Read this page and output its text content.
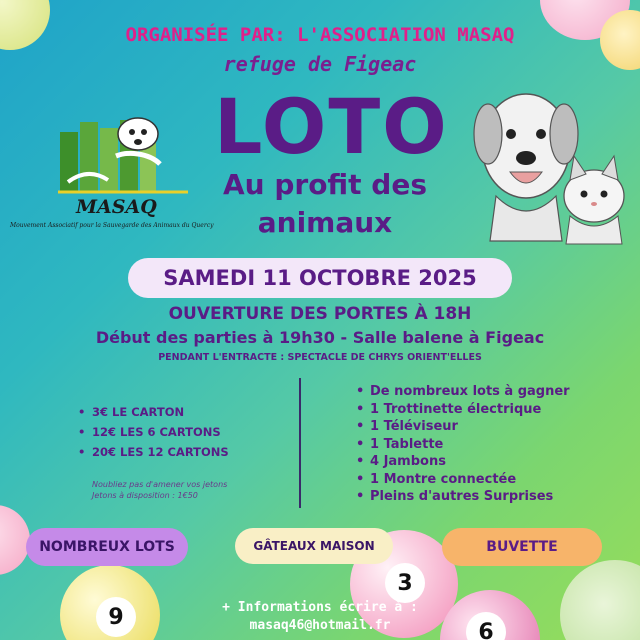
3
9
6
ORGANISÉE PAR: L'ASSOCIATION MASAQ
refuge de Figeac
MASAQ
Mouvement Associatif pour la Sauvegarde des Animaux du Quercy
LOTO
Au profit des
animaux
SAMEDI 11 OCTOBRE 2025
OUVERTURE DES PORTES À 18H
Début des parties à 19h30 - Salle balene à Figeac
PENDANT L'ENTRACTE : SPECTACLE DE CHRYS ORIENT'ELLES
• 3€ LE CARTON
• 12€ LES 6 CARTONS
• 20€ LES 12 CARTONS
Noubliez pas d'amener vos jetons
Jetons à disposition : 1€50
• De nombreux lots à gagner
• 1 Trottinette électrique
• 1 Téléviseur
• 1 Tablette
• 4 Jambons
• 1 Montre connectée
• Pleins d'autres Surprises
NOMBREUX LOTS	GÂTEAUX MAISON	BUVETTE
+ Informations écrire à :
masaq46@hotmail.fr
